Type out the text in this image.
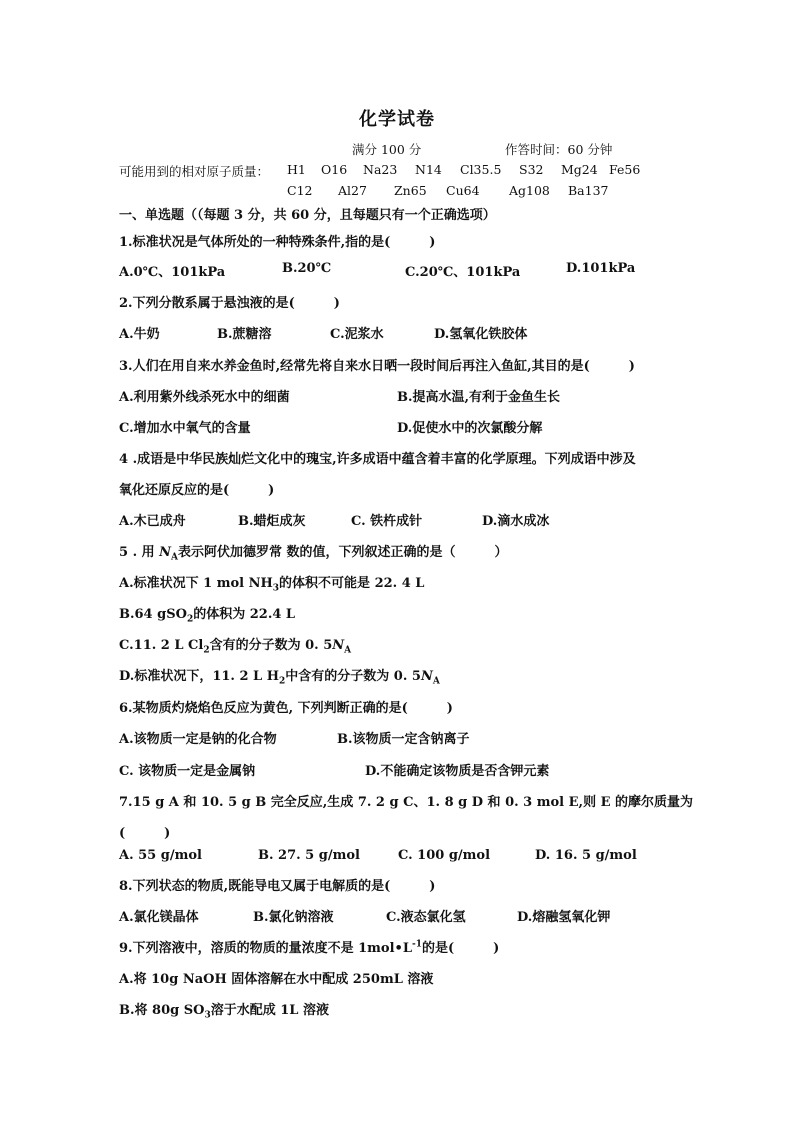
化学试卷
满分 100 分	作答时间：60 分钟
可能用到的相对原子质量： H1 O16 Na23 N14 Cl35.5 S32 Mg24 Fe56
C12 Al27 Zn65 Cu64 Ag108 Ba137
一、单选题（（每题 3 分，共 60 分，且每题只有一个正确选项）
1.标准状况是气体所处的一种特殊条件,指的是(　　　)
A.0℃、101kPa	B.20℃	C.20℃、101kPa	D.101kPa
2.下列分散系属于悬浊液的是(　　　)
A.牛奶	B.蔗糖溶	C.泥浆水	D.氢氧化铁胶体
3.人们在用自来水养金鱼时,经常先将自来水日晒一段时间后再注入鱼缸,其目的是(　　　)
A.利用紫外线杀死水中的细菌	B.提高水温,有利于金鱼生长
C.增加水中氧气的含量	D.促使水中的次氯酸分解
4 .成语是中华民族灿烂文化中的瑰宝,许多成语中蕴含着丰富的化学原理。下列成语中涉及
氧化还原反应的是(　　　)
A.木已成舟	B.蜡炬成灰	C. 铁杵成针	D.滴水成冰
5 . 用 $N_A$表示阿伏加德罗常 数的值，下列叙述正确的是（　　　）
A.标准状况下 1 mol $NH_3$的体积不可能是 22. 4 L
B.64 gSO$_2$的体积为 22.4 L
C.11. 2 L $Cl_2$含有的分子数为 0. $5N_A$
D.标准状况下，11. 2 L $H_2$中含有的分子数为 0. $5N_A$
6.某物质灼烧焰色反应为黄色, 下列判断正确的是(　　　)
A.该物质一定是钠的化合物	B.该物质一定含钠离子
C. 该物质一定是金属钠	D.不能确定该物质是否含钾元素
7.15 g A 和 10. 5 g B 完全反应,生成 7. 2 g C、1. 8 g D 和 0. 3 mol E,则 E 的摩尔质量为
(　　　)
A. 55 g/mol	B. 27. 5 g/mol	C. 100 g/mol	D. 16. 5 g/mol
8.下列状态的物质,既能导电又属于电解质的是(　　　)
A.氯化镁晶体	B.氯化钠溶液	C.液态氯化氢	D.熔融氢氧化钾
9.下列溶液中，溶质的物质的量浓度不是 $1mol•L^{-1}$的是(　　　)
A.将 10g NaOH 固体溶解在水中配成 250mL 溶液
B.将 80g $SO_3$溶于水配成 1L 溶液
